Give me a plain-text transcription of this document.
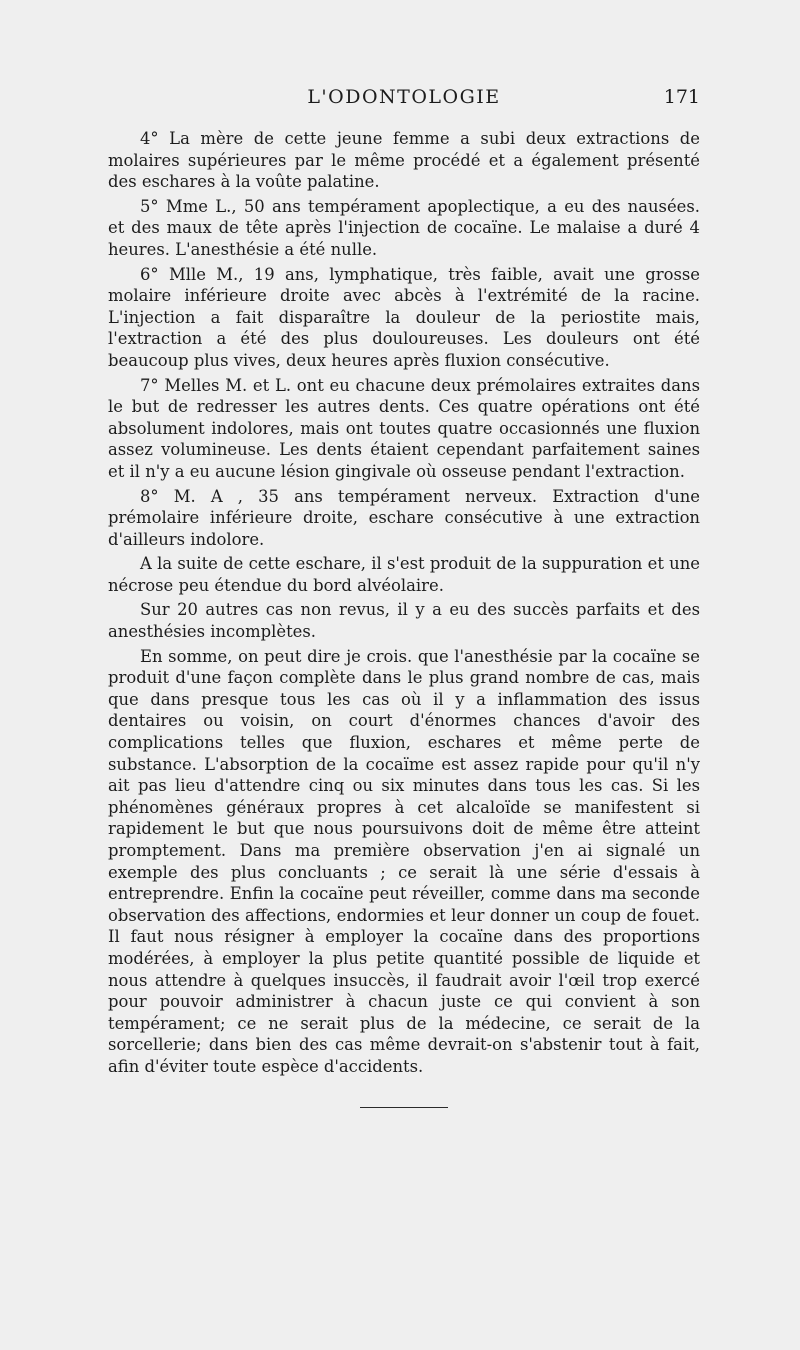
L'ODONTOLOGIE	171

4° La mère de cette jeune femme a subi deux extractions de molaires supérieures par le même procédé et a également présenté des eschares à la voûte palatine.

5° Mme L., 50 ans tempérament apoplectique, a eu des nausées. et des maux de tête après l'injection de cocaïne. Le malaise a duré 4 heures. L'anesthésie a été nulle.

6° Mlle M., 19 ans, lymphatique, très faible, avait une grosse molaire inférieure droite avec abcès à l'extrémité de la racine. L'injection a fait disparaître la douleur de la periostite mais, l'extraction a été des plus douloureuses. Les douleurs ont été beaucoup plus vives, deux heures après fluxion consécutive.

7° Melles M. et L. ont eu chacune deux prémolaires extraites dans le but de redresser les autres dents. Ces quatre opérations ont été absolument indolores, mais ont toutes quatre occasionnés une fluxion assez volumineuse. Les dents étaient cependant parfaitement saines et il n'y a eu aucune lésion gingivale où osseuse pendant l'extraction.

8° M. A , 35 ans tempérament nerveux. Extraction d'une prémolaire inférieure droite, eschare consécutive à une extraction d'ailleurs indolore.

A la suite de cette eschare, il s'est produit de la suppuration et une nécrose peu étendue du bord alvéolaire.

Sur 20 autres cas non revus, il y a eu des succès parfaits et des anesthésies incomplètes.

En somme, on peut dire je crois. que l'anesthésie par la cocaïne se produit d'une façon complète dans le plus grand nombre de cas, mais que dans presque tous les cas où il y a inflammation des issus dentaires ou voisin, on court d'énormes chances d'avoir des complications telles que fluxion, eschares et même perte de substance. L'absorption de la cocaïme est assez rapide pour qu'il n'y ait pas lieu d'attendre cinq ou six minutes dans tous les cas. Si les phénomènes généraux propres à cet alcaloïde se manifestent si rapidement le but que nous poursuivons doit de même être atteint promptement. Dans ma première observation j'en ai signalé un exemple des plus concluants ; ce serait là une série d'essais à entreprendre. Enfin la cocaïne peut réveiller, comme dans ma seconde observation des affections, endormies et leur donner un coup de fouet. Il faut nous résigner à employer la cocaïne dans des proportions modérées, à employer la plus petite quantité possible de liquide et nous attendre à quelques insuccès, il faudrait avoir l'œil trop exercé pour pouvoir administrer à chacun juste ce qui convient à son tempérament; ce ne serait plus de la médecine, ce serait de la sorcellerie; dans bien des cas même devrait-on s'abstenir tout à fait, afin d'éviter toute espèce d'accidents.
